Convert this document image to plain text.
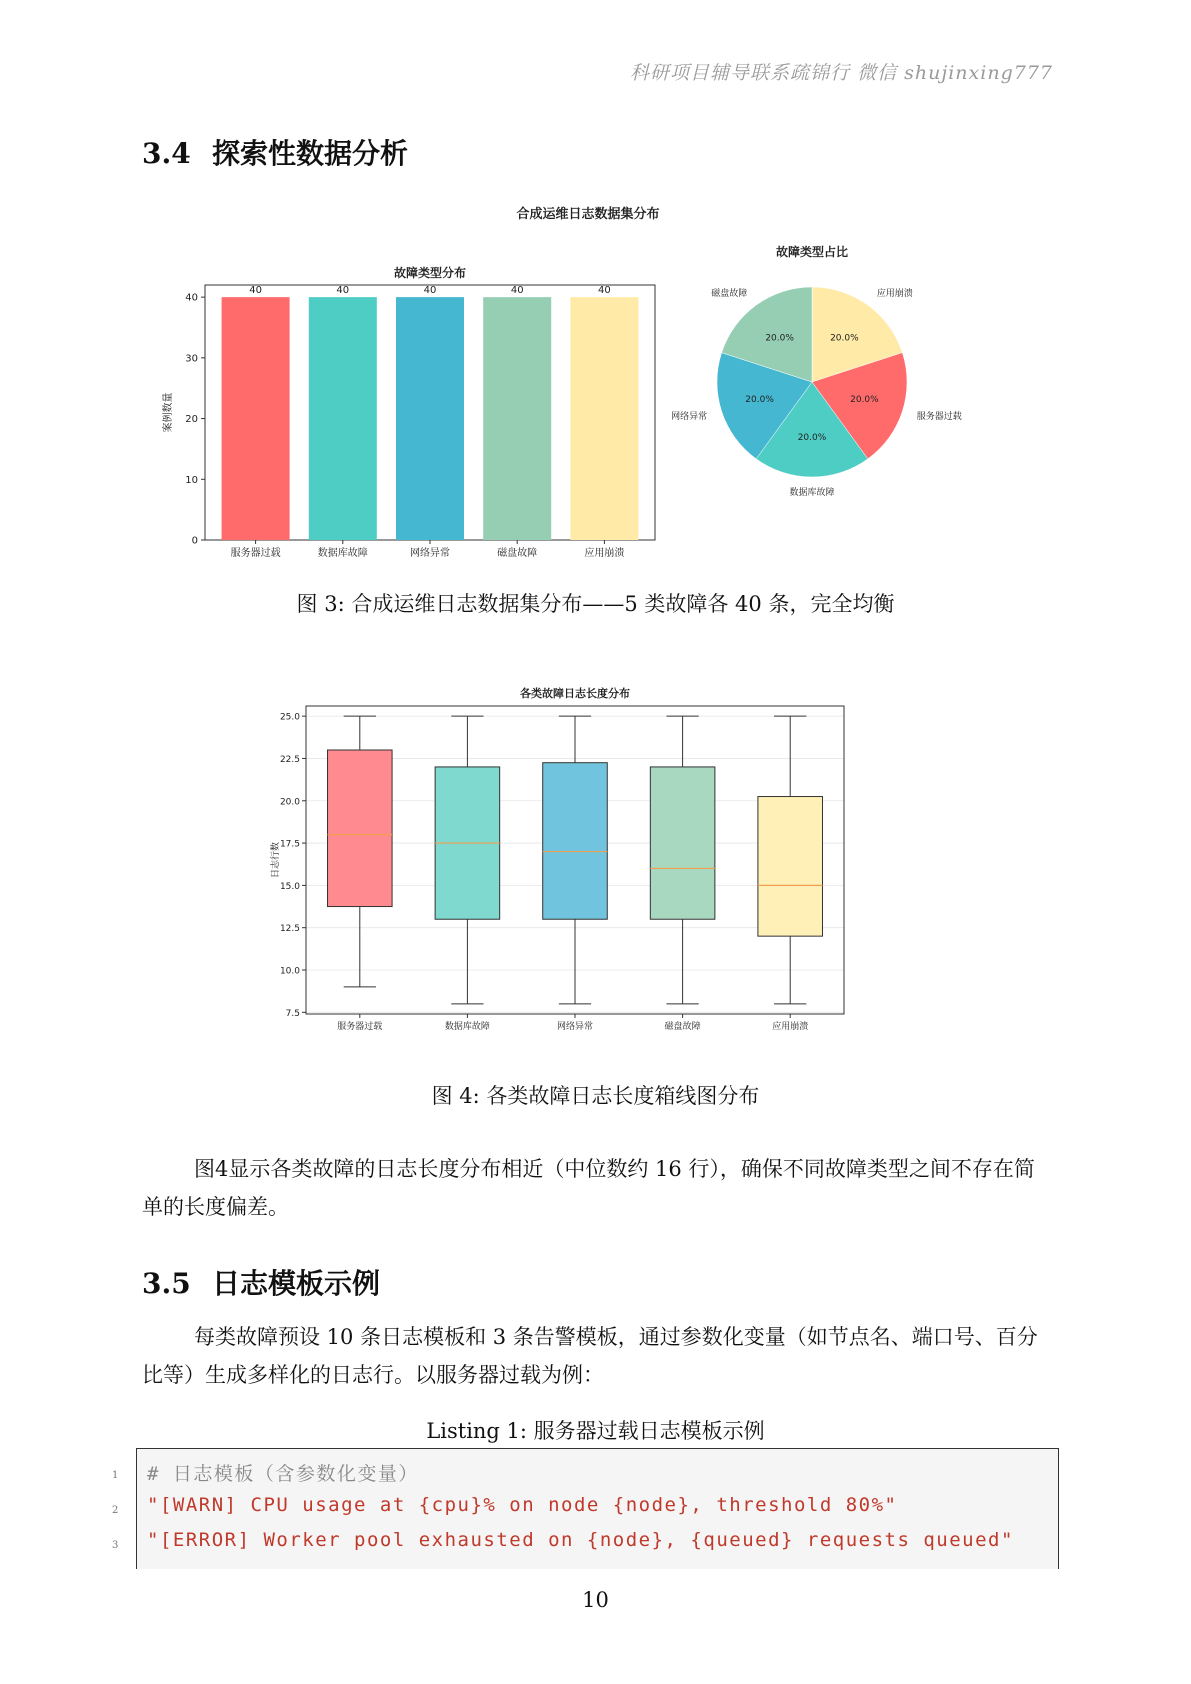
科研项目辅导联系疏锦行 微信 shujinxing777
3.4 探索性数据分析
合成运维日志数据集分布
故障类型分布
0
10
20
30
40
40
服务器过载
40
数据库故障
40
网络异常
40
磁盘故障
40
应用崩溃
案例数量
故障类型占比
20.0%
应用崩溃
20.0%
服务器过载
20.0%
数据库故障
20.0%
网络异常
20.0%
磁盘故障
图 3: 合成运维日志数据集分布——5 类故障各 40 条，完全均衡
各类故障日志长度分布
7.5
10.0
12.5
15.0
17.5
20.0
22.5
25.0
服务器过载	数据库故障	网络异常	磁盘故障	应用崩溃
日志行数
图 4: 各类故障日志长度箱线图分布
图4显示各类故障的日志长度分布相近（中位数约 16 行），确保不同故障类型之间不存在简单的长度偏差。
3.5 日志模板示例
每类故障预设 10 条日志模板和 3 条告警模板，通过参数化变量（如节点名、端口号、百分比等）生成多样化的日志行。以服务器过载为例：
Listing 1: 服务器过载日志模板示例
1
2
3
# 日志模板（含参数化变量）
"[WARN] CPU usage at {cpu}% on node {node}, threshold 80%"
"[ERROR] Worker pool exhausted on {node}, {queued} requests queued"
10
